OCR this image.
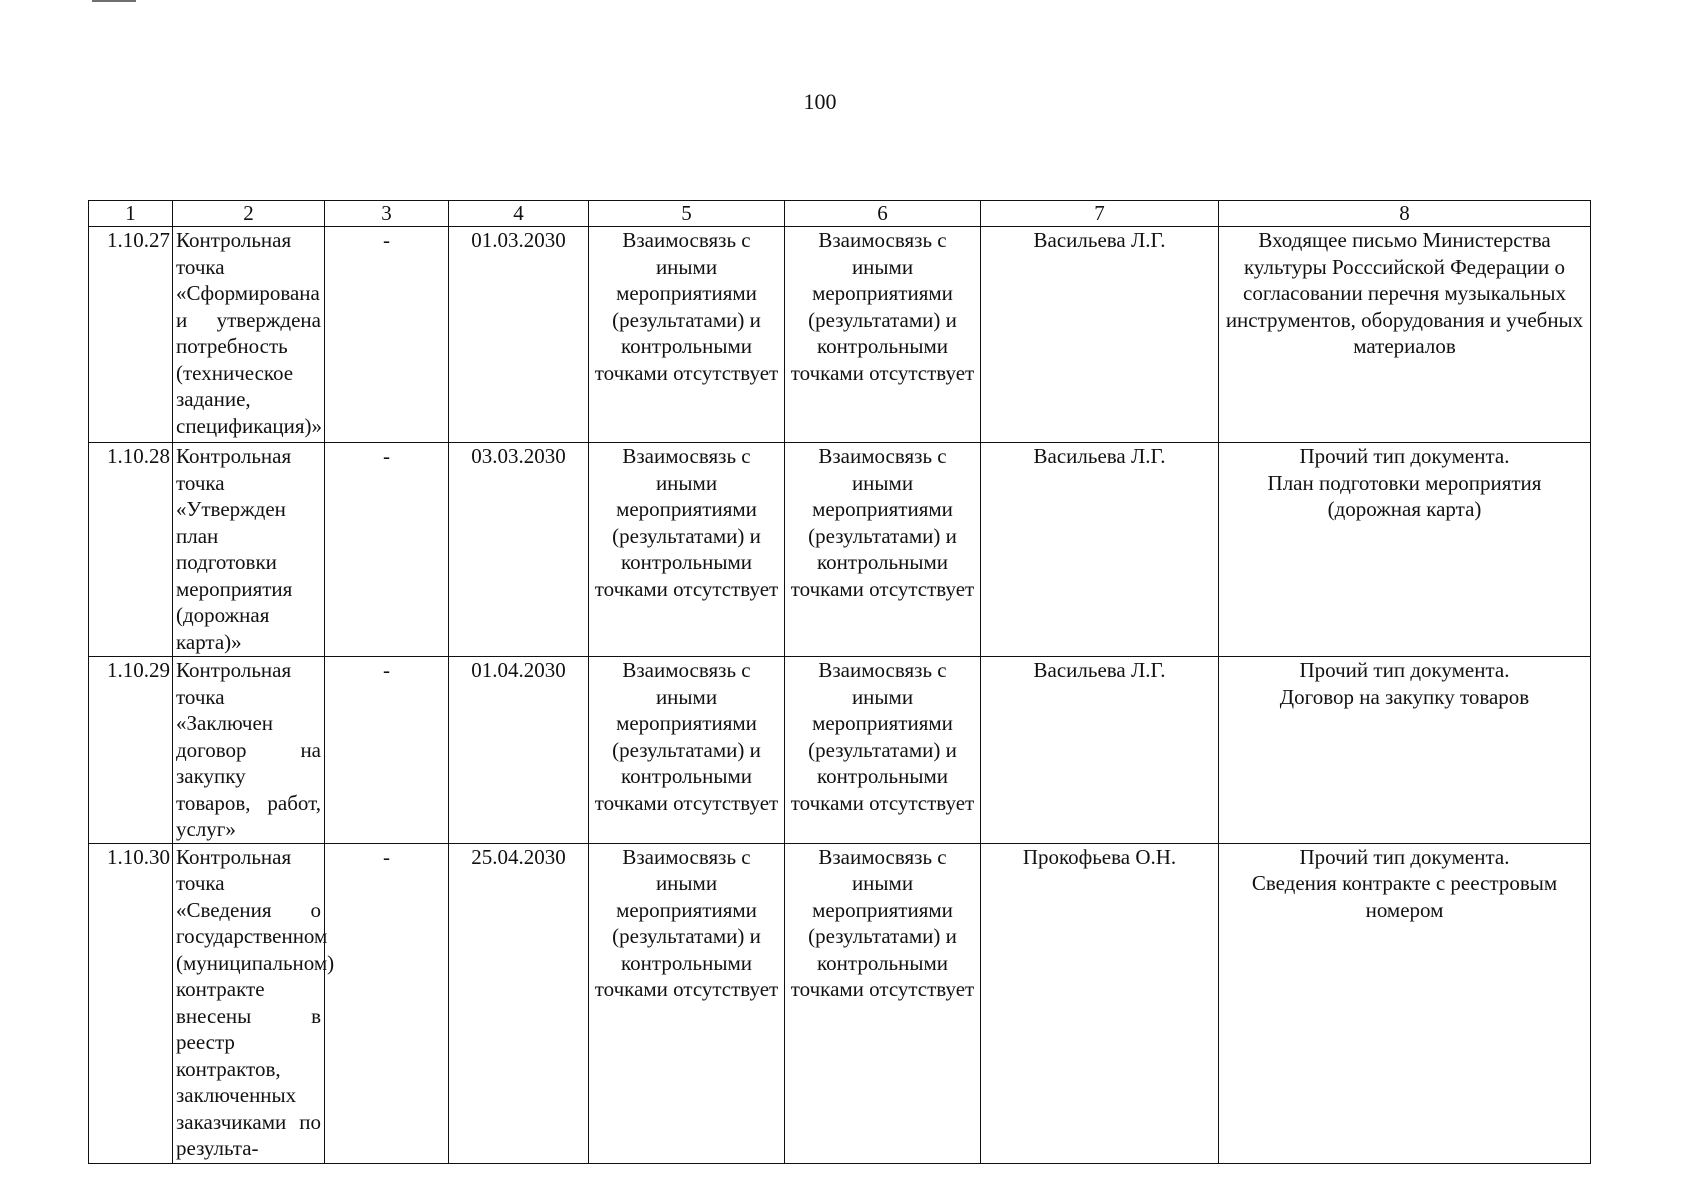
100
1	2	3	4	5	6	7	8
1.10.27	Контрольная точка «Сформирована и утверждена потребность (техническое задание, спецификация)»	-	01.03.2030	Взаимосвязь с иными мероприятиями (результатами) и контрольными точками отсутствует	Взаимосвязь с иными мероприятиями (результатами) и контрольными точками отсутствует	Васильева Л.Г.	Входящее письмо Министерства культуры Росссийской Федерации о согласовании перечня музыкальных инструментов, оборудования и учебных материалов
1.10.28	Контрольная точка «Утвержден план подготовки мероприятия (дорожная карта)»	-	03.03.2030	Взаимосвязь с иными мероприятиями (результатами) и контрольными точками отсутствует	Взаимосвязь с иными мероприятиями (результатами) и контрольными точками отсутствует	Васильева Л.Г.	Прочий тип документа.
План подготовки мероприятия (дорожная карта)

1.10.29	Контрольная точка «Заключен договор на закупку товаров, работ, услуг»	-	01.04.2030	Взаимосвязь с иными мероприятиями (результатами) и контрольными точками отсутствует	Взаимосвязь с иными мероприятиями (результатами) и контрольными точками отсутствует	Васильева Л.Г.	Прочий тип документа.
Договор на закупку товаров

1.10.30	Контрольная точка «Сведения о государственном (муниципальном) контракте внесены в реестр контрактов, заключенных заказчиками по результа-	-	25.04.2030	Взаимосвязь с иными мероприятиями (результатами) и контрольными точками отсутствует	Взаимосвязь с иными мероприятиями (результатами) и контрольными точками отсутствует	Прокофьева О.Н.	Прочий тип документа.
Сведения контракте с реестровым номером
